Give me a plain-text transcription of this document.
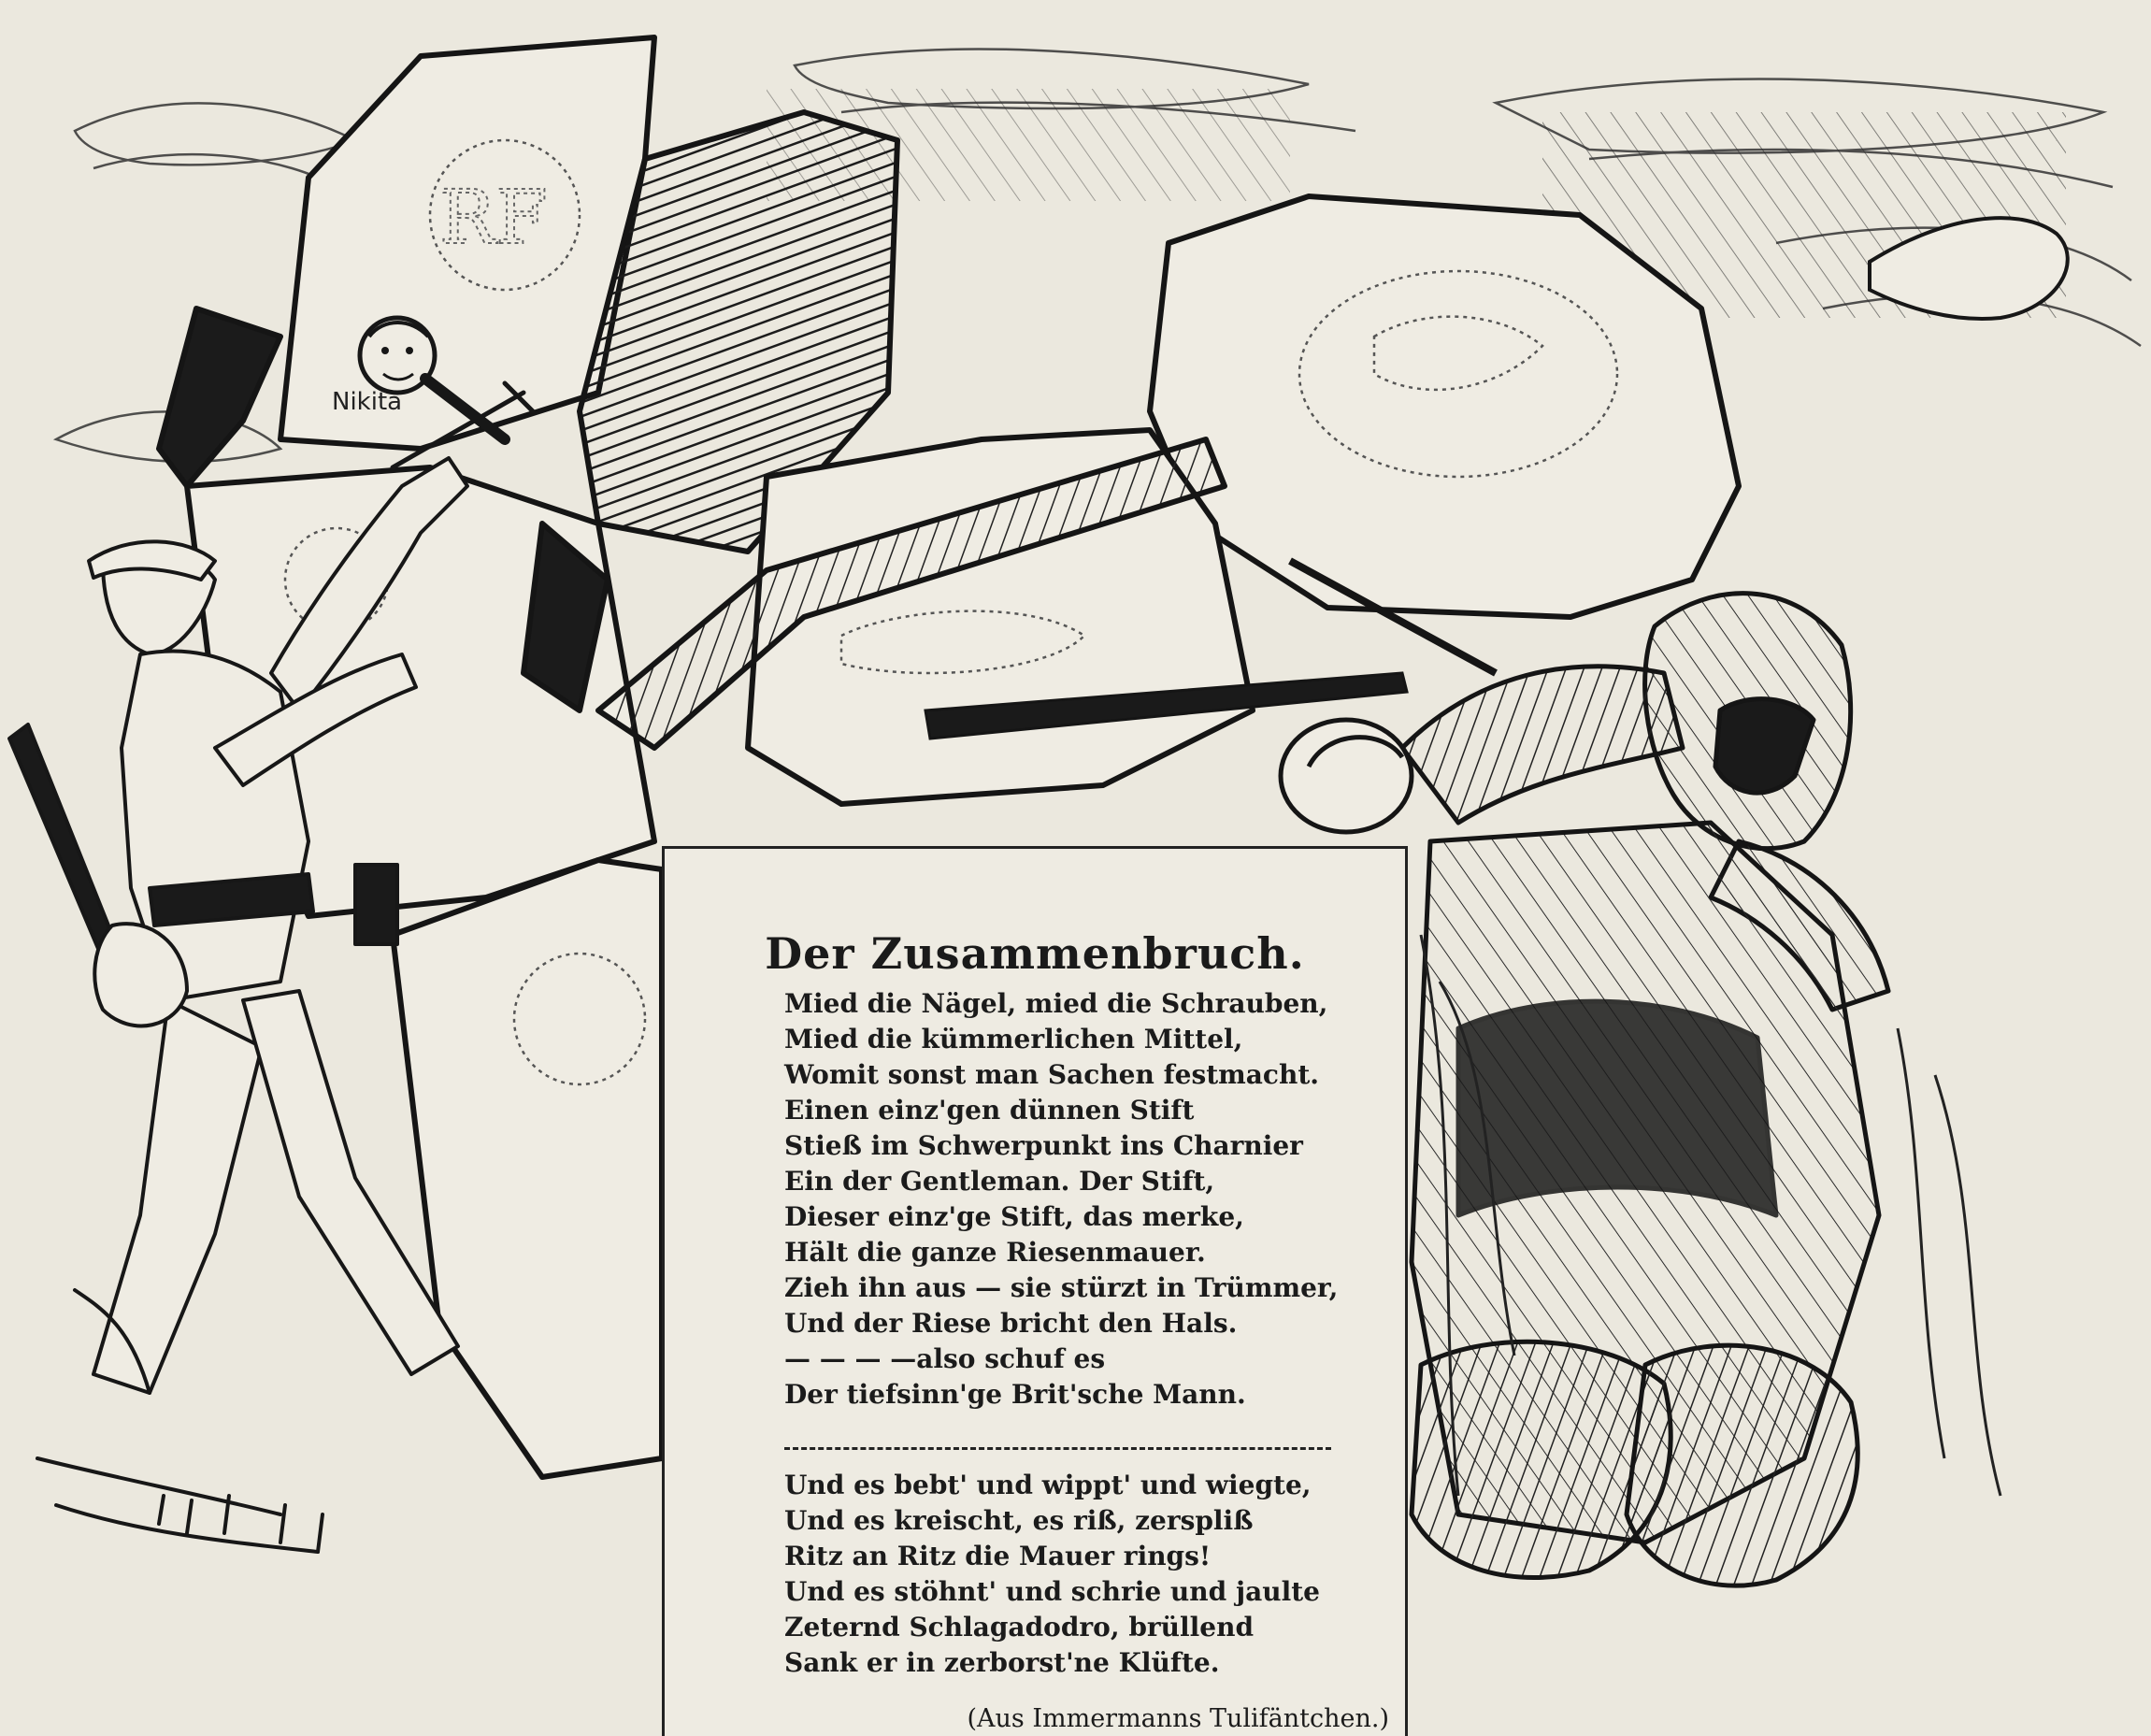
RF
Nikita
Der Zusammenbruch.
Mied die Nägel, mied die Schrauben,
Mied die kümmerlichen Mittel,
Womit sonst man Sachen festmacht.
Einen einz'gen dünnen Stift
Stieß im Schwerpunkt ins Charnier
Ein der Gentleman. Der Stift,
Dieser einz'ge Stift, das merke,
Hält die ganze Riesenmauer.
Zieh ihn aus — sie stürzt in Trümmer,
Und der Riese bricht den Hals.
— — — —also schuf es
Der tiefsinn'ge Brit'sche Mann.
Und es bebt' und wippt' und wiegte,
Und es kreischt, es riß, zerspliß
Ritz an Ritz die Mauer rings!
Und es stöhnt' und schrie und jaulte
Zeternd Schlagadodro, brüllend
Sank er in zerborst'ne Klüfte.
(Aus Immermanns Tulifäntchen.)
